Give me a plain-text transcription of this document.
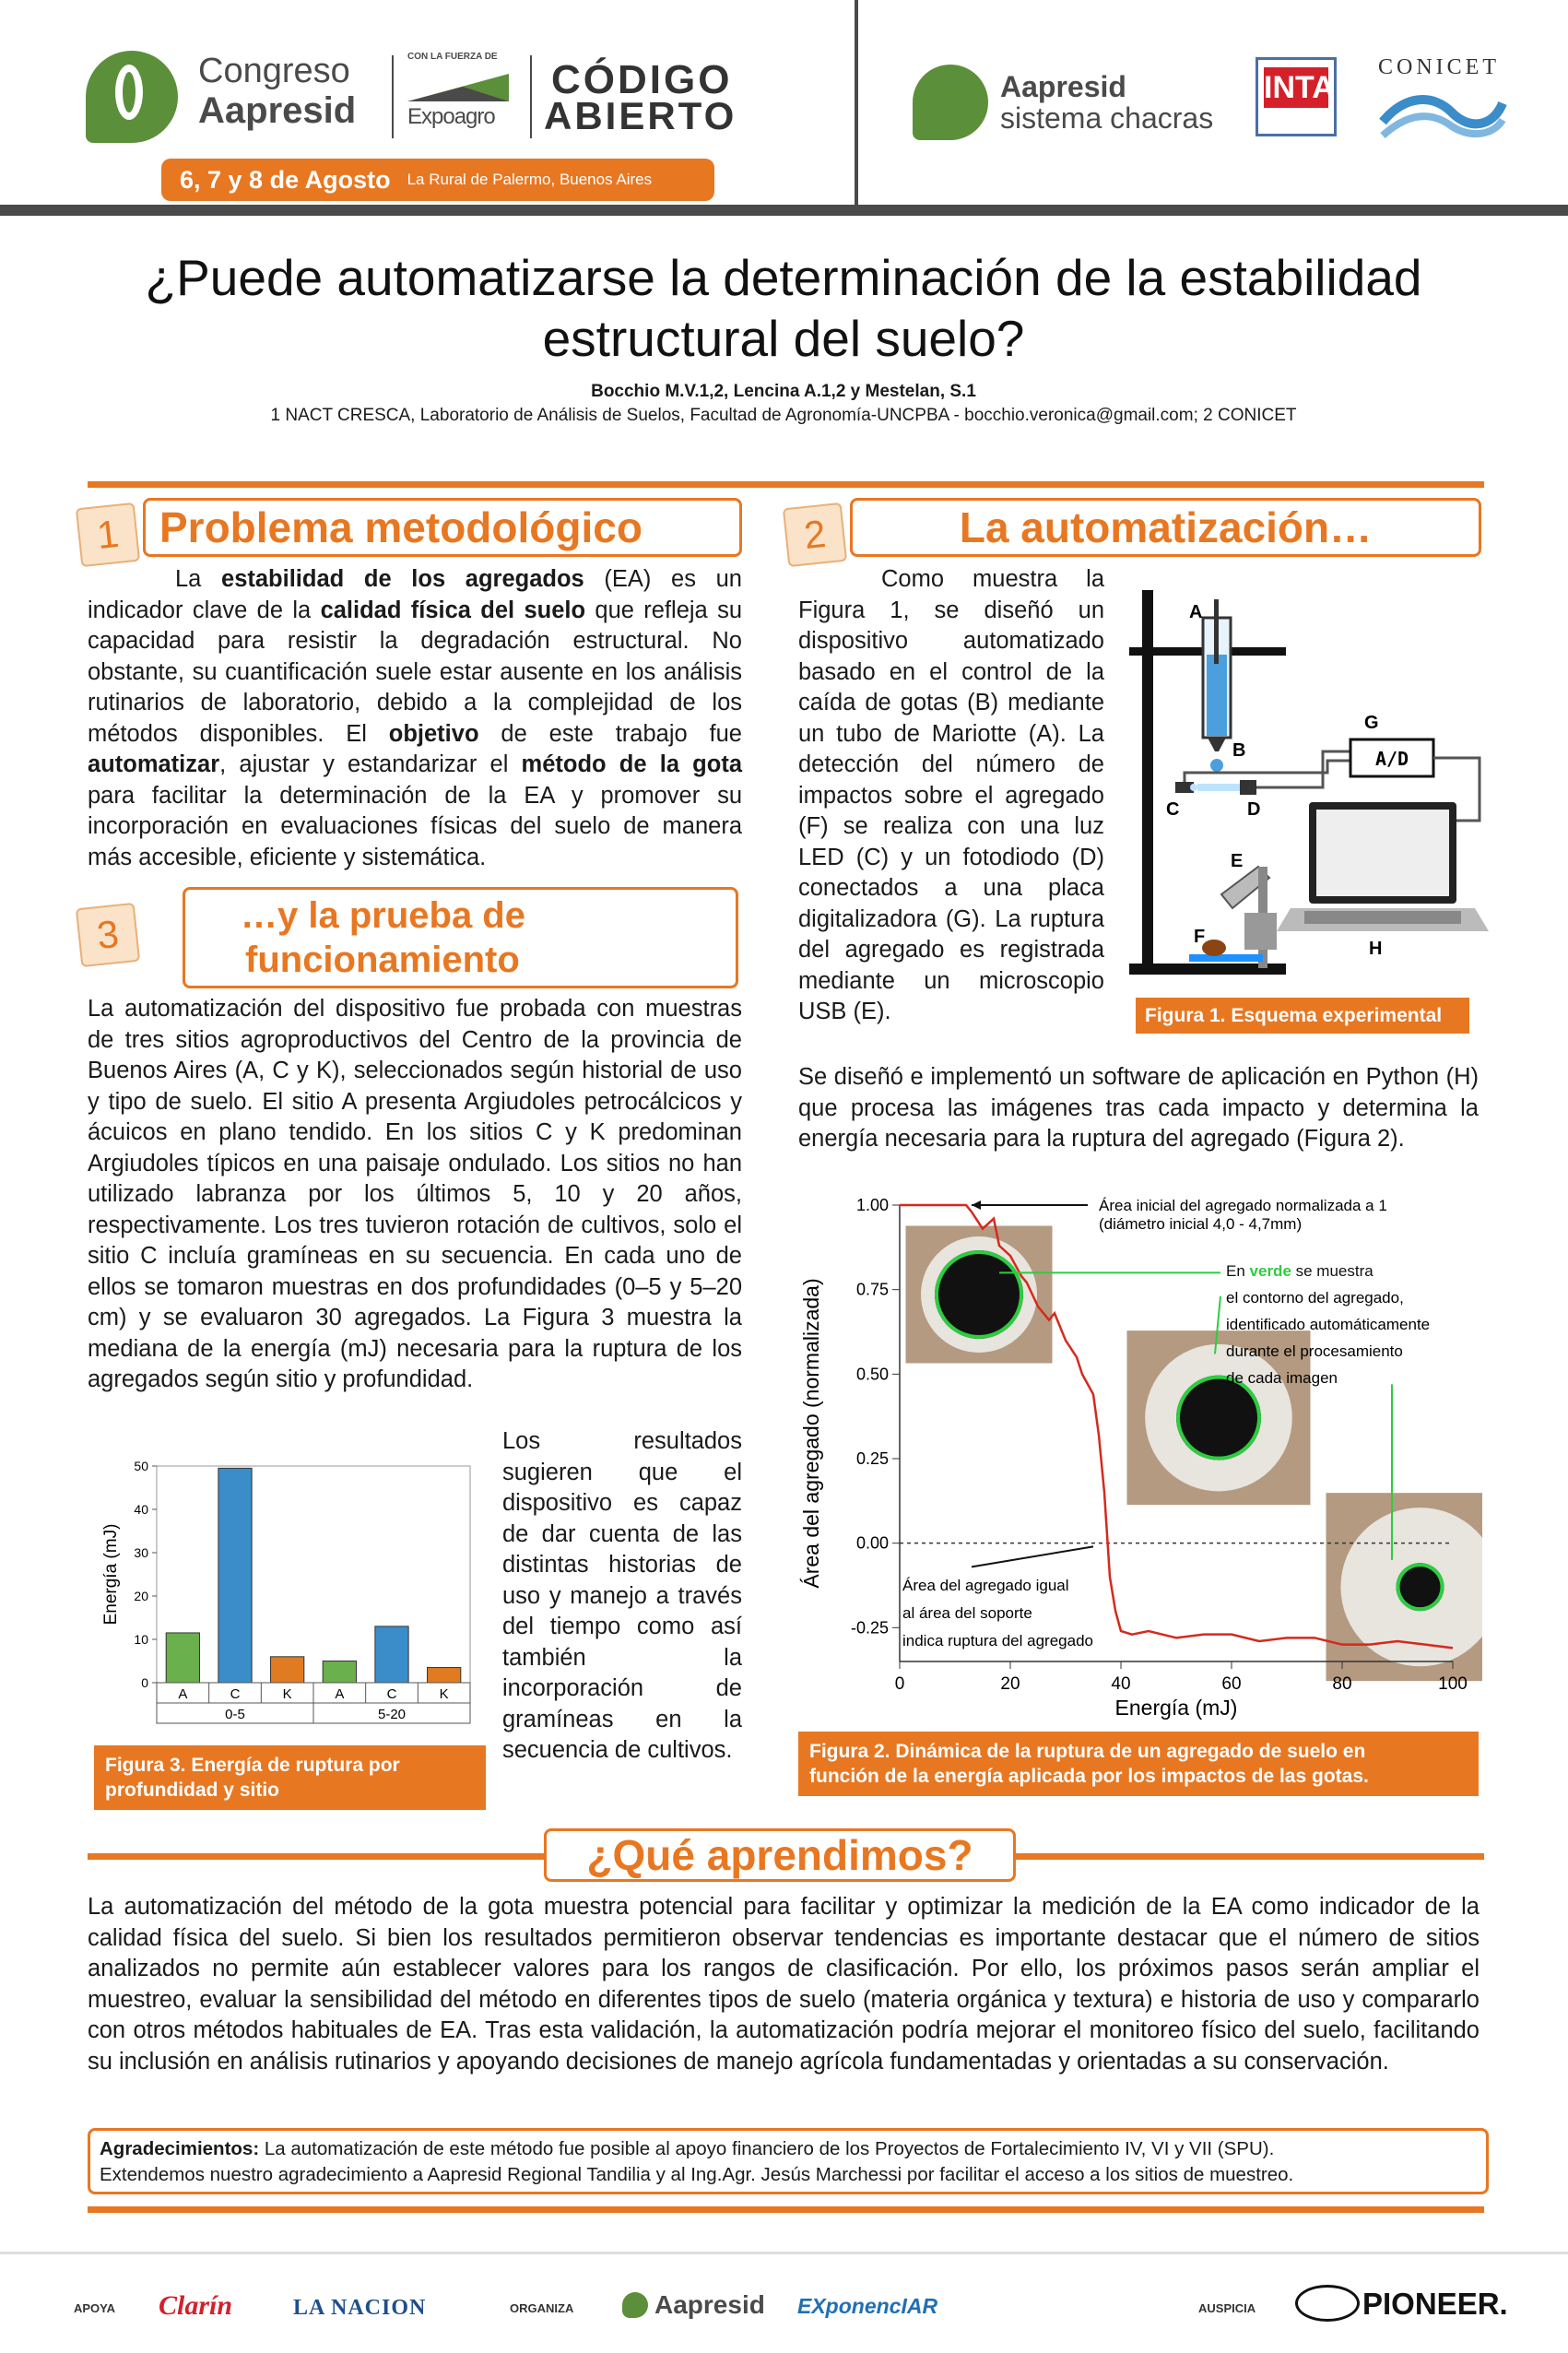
Congreso
Aapresid
CON LA FUERZA DE
Expoagro
CÓDIGO
ABIERTO
6, 7 y 8 de Agosto La Rural de Palermo, Buenos Aires
Aapresid
sistema chacras
INTA
CONICET
¿Puede automatizarse la determinación de la estabilidad
estructural del suelo?
Bocchio M.V.1,2, Lencina A.1,2 y Mestelan, S.1
1 NACT CRESCA, Laboratorio de Análisis de Suelos, Facultad de Agronomía-UNCPBA - bocchio.veronica@gmail.com; 2 CONICET
1 Problema metodológico
La estabilidad de los agregados (EA) es un indicador clave de la calidad física del suelo que refleja su capacidad para resistir la degradación estructural. No obstante, su cuantificación suele estar ausente en los análisis rutinarios de laboratorio, debido a la complejidad de los métodos disponibles. El objetivo de este trabajo fue automatizar, ajustar y estandarizar el método de la gota para facilitar la determinación de la EA y promover su incorporación en evaluaciones físicas del suelo de manera más accesible, eficiente y sistemática.
2	La automatización…
Como muestra la Figura 1, se diseñó un dispositivo automatizado basado en el control de la caída de gotas (B) mediante un tubo de Mariotte (A). La detección del número de impactos sobre el agregado (F) se realiza con una luz LED (C) y un fotodiodo (D) conectados a una placa digitalizadora (G). La ruptura del agregado es registrada mediante un microscopio USB (E).
Se diseñó e implementó un software de aplicación en Python (H) que procesa las imágenes tras cada impacto y determina la energía necesaria para la ruptura del agregado (Figura 2).
A/D
A
B
C	D
E
F
G
H
Figura 1. Esquema experimental
1.00
0.75
0.50
0.25
0.00
-0.25
0	20	40	60	80	100
Energía (mJ)
Área del agregado (normalizada)
Área inicial del agregado normalizada a 1
(diámetro inicial 4,0 - 4,7mm)
En verde se muestra
el contorno del agregado,
identificado automáticamente
durante el procesamiento
de cada imagen
Área del agregado igual
al área del soporte
indica ruptura del agregado
Figura 2. Dinámica de la ruptura de un agregado de suelo en
función de la energía aplicada por los impactos de las gotas.
3	…y la prueba de
funcionamiento
La automatización del dispositivo fue probada con muestras de tres sitios agroproductivos del Centro de la provincia de Buenos Aires (A, C y K), seleccionados según historial de uso y tipo de suelo. El sitio A presenta Argiudoles petrocálcicos y ácuicos en plano tendido. En los sitios C y K predominan Argiudoles típicos en una paisaje ondulado. Los sitios no han utilizado labranza por los últimos 5, 10 y 20 años, respectivamente. Los tres tuvieron rotación de cultivos, solo el sitio C incluía gramíneas en su secuencia. En cada uno de ellos se tomaron muestras en dos profundidades (0–5 y 5–20 cm) y se evaluaron 30 agregados. La Figura 3 muestra la mediana de la energía (mJ) necesaria para la ruptura de los agregados según sitio y profundidad.
Los resultados sugieren que el dispositivo es capaz de dar cuenta de las distintas historias de uso y manejo a través del tiempo como así también la incorporación de gramíneas en la secuencia de cultivos.
0
10
20
30
40
50
Energía (mJ)
A	C	K	A	C	K
0-5	5-20
Figura 3. Energía de ruptura por profundidad y sitio
¿Qué aprendimos?
La automatización del método de la gota muestra potencial para facilitar y optimizar la medición de la EA como indicador de la calidad física del suelo. Si bien los resultados permitieron observar tendencias es importante destacar que el número de sitios analizados no permite aún establecer valores para los rangos de clasificación. Por ello, los próximos pasos serán ampliar el muestreo, evaluar la sensibilidad del método en diferentes tipos de suelo (materia orgánica y textura) e historia de uso y compararlo con otros métodos habituales de EA. Tras esta validación, la automatización podría mejorar el monitoreo físico del suelo, facilitando su inclusión en análisis rutinarios y apoyando decisiones de manejo agrícola fundamentadas y orientadas a su conservación.
Agradecimientos: La automatización de este método fue posible al apoyo financiero de los Proyectos de Fortalecimiento IV, VI y VII (SPU).
Extendemos nuestro agradecimiento a Aapresid Regional Tandilia y al Ing.Agr. Jesús Marchessi por facilitar el acceso a los sitios de muestreo.
APOYA Clarín	LA NACION	ORGANIZA	Aapresid EXponencIAR	AUSPICIA	PIONEER.
